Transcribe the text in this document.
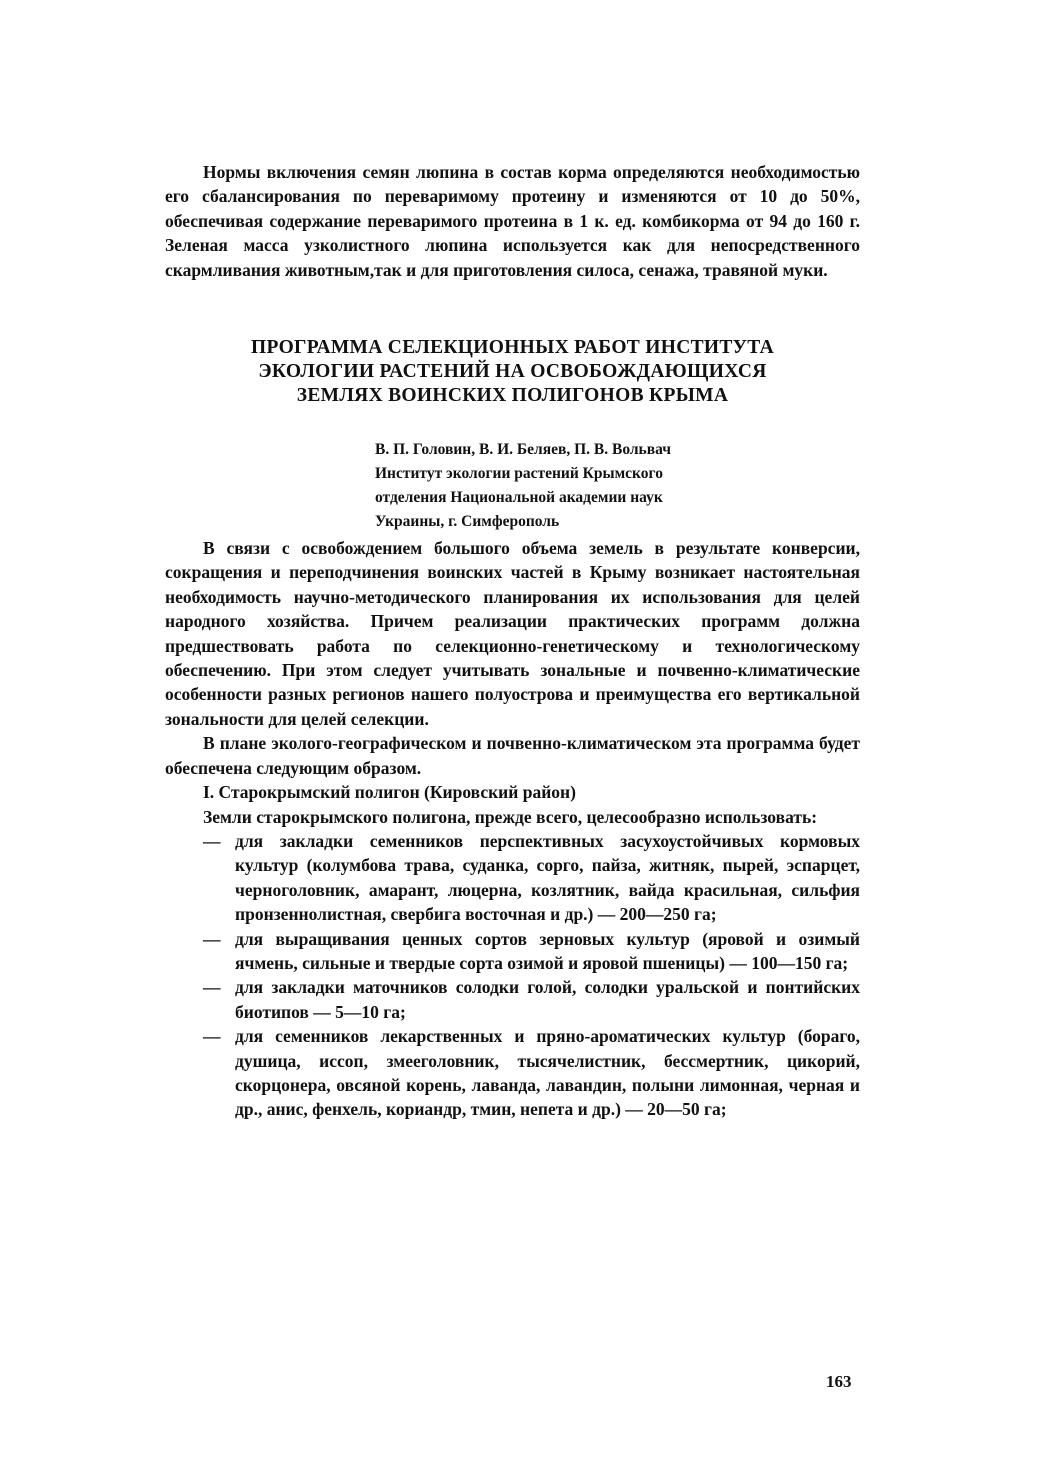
Нормы включения семян люпина в состав корма определяются необходимостью его сбалансирования по переваримому протеину и изменяются от 10 до 50%, обеспечивая содержание переваримого протеина в 1 к. ед. комбикорма от 94 до 160 г. Зеленая масса узколистного люпина используется как для непосредственного скармливания животным,так и для приготовления силоса, сенажа, травяной муки.

ПРОГРАММА СЕЛЕКЦИОННЫХ РАБОТ ИНСТИТУТА
ЭКОЛОГИИ РАСТЕНИЙ НА ОСВОБОЖДАЮЩИХСЯ
ЗЕМЛЯХ ВОИНСКИХ ПОЛИГОНОВ КРЫМА
В. П. Головин, В. И. Беляев, П. В. Вольвач
Институт экологии растений Крымского
отделения Национальной академии наук
Украины, г. Симферополь

В связи с освобождением большого объема земель в результате конверсии, сокращения и переподчинения воинских частей в Крыму возникает настоятельная необходимость научно-методического планирования их использования для целей народного хозяйства. Причем реализации практических программ должна предшествовать работа по селекционно-генетическому и технологическому обеспечению. При этом следует учитывать зональные и почвенно-климатические особенности разных регионов нашего полуострова и преимущества его вертикальной зональности для целей селекции.

В плане эколого-географическом и почвенно-климатическом эта программа будет обеспечена следующим образом.

I. Старокрымский полигон (Кировский район)

Земли старокрымского полигона, прежде всего, целесообразно использовать:

— для закладки семенников перспективных засухоустойчивых кормовых культур (колумбова трава, суданка, сорго, пайза, житняк, пырей, эспарцет, черноголовник, амарант, люцерна, козлятник, вайда красильная, сильфия пронзеннолистная, свербига восточная и др.) — 200—250 га;
— для выращивания ценных сортов зерновых культур (яровой и озимый ячмень, сильные и твердые сорта озимой и яровой пшеницы) — 100—150 га;
— для закладки маточников солодки голой, солодки уральской и понтийских биотипов — 5—10 га;
— для семенников лекарственных и пряно-ароматических культур (бораго, душица, иссоп, змееголовник, тысячелистник, бессмертник, цикорий, скорцонера, овсяной корень, лаванда, лавандин, полыни лимонная, черная и др., анис, фенхель, кориандр, тмин, непета и др.) — 20—50 га;
163
